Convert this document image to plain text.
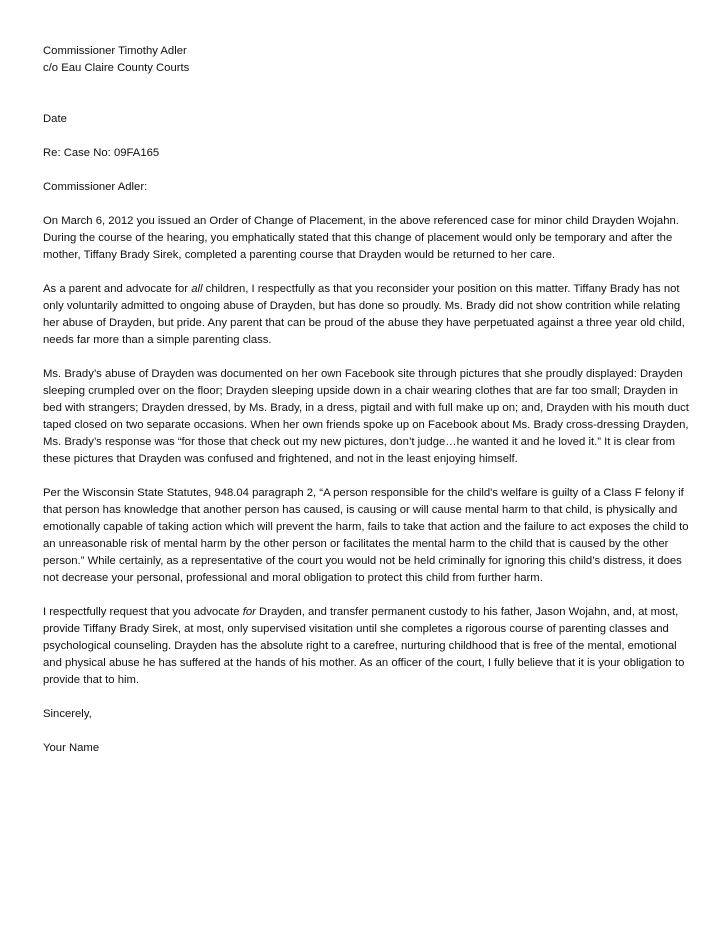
Commissioner Timothy Adler
c/o Eau Claire County Courts
Date
Re: Case No: 09FA165
Commissioner Adler:

On March 6, 2012 you issued an Order of Change of Placement, in the above referenced case for minor child Drayden Wojahn. During the course of the hearing, you emphatically stated that this change of placement would only be temporary and after the mother, Tiffany Brady Sirek, completed a parenting course that Drayden would be returned to her care.

As a parent and advocate for all children, I respectfully as that you reconsider your position on this matter. Tiffany Brady has not only voluntarily admitted to ongoing abuse of Drayden, but has done so proudly. Ms. Brady did not show contrition while relating her abuse of Drayden, but pride. Any parent that can be proud of the abuse they have perpetuated against a three year old child, needs far more than a simple parenting class.

Ms. Brady’s abuse of Drayden was documented on her own Facebook site through pictures that she proudly displayed: Drayden sleeping crumpled over on the floor; Drayden sleeping upside down in a chair wearing clothes that are far too small; Drayden in bed with strangers; Drayden dressed, by Ms. Brady, in a dress, pigtail and with full make up on; and, Drayden with his mouth duct taped closed on two separate occasions. When her own friends spoke up on Facebook about Ms. Brady cross-dressing Drayden, Ms. Brady’s response was “for those that check out my new pictures, don’t judge…he wanted it and he loved it.” It is clear from these pictures that Drayden was confused and frightened, and not in the least enjoying himself.

Per the Wisconsin State Statutes, 948.04 paragraph 2, “A person responsible for the child's welfare is guilty of a Class F felony if that person has knowledge that another person has caused, is causing or will cause mental harm to that child, is physically and emotionally capable of taking action which will prevent the harm, fails to take that action and the failure to act exposes the child to an unreasonable risk of mental harm by the other person or facilitates the mental harm to the child that is caused by the other person.” While certainly, as a representative of the court you would not be held criminally for ignoring this child’s distress, it does not decrease your personal, professional and moral obligation to protect this child from further harm.

I respectfully request that you advocate for Drayden, and transfer permanent custody to his father, Jason Wojahn, and, at most, provide Tiffany Brady Sirek, at most, only supervised visitation until she completes a rigorous course of parenting classes and psychological counseling. Drayden has the absolute right to a carefree, nurturing childhood that is free of the mental, emotional and physical abuse he has suffered at the hands of his mother. As an officer of the court, I fully believe that it is your obligation to provide that to him.

Sincerely,
Your Name
